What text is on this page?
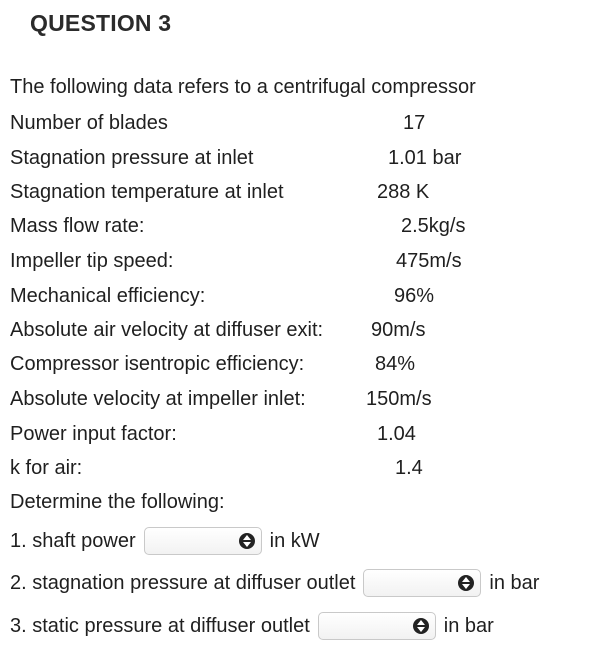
QUESTION 3
The following data refers to a centrifugal compressor
Number of blades	17
Stagnation pressure at inlet	1.01 bar
Stagnation temperature at inlet	288 K
Mass flow rate:	2.5kg/s
Impeller tip speed:	475m/s
Mechanical efficiency:	96%
Absolute air velocity at diffuser exit: 90m/s
Compressor isentropic efficiency:	84%
Absolute velocity at impeller inlet:	150m/s
Power input factor:	1.04
k for air:	1.4
Determine the following:
1. shaft power	in kW
2. stagnation pressure at diffuser outlet	in bar
3. static pressure at diffuser outlet	in bar
